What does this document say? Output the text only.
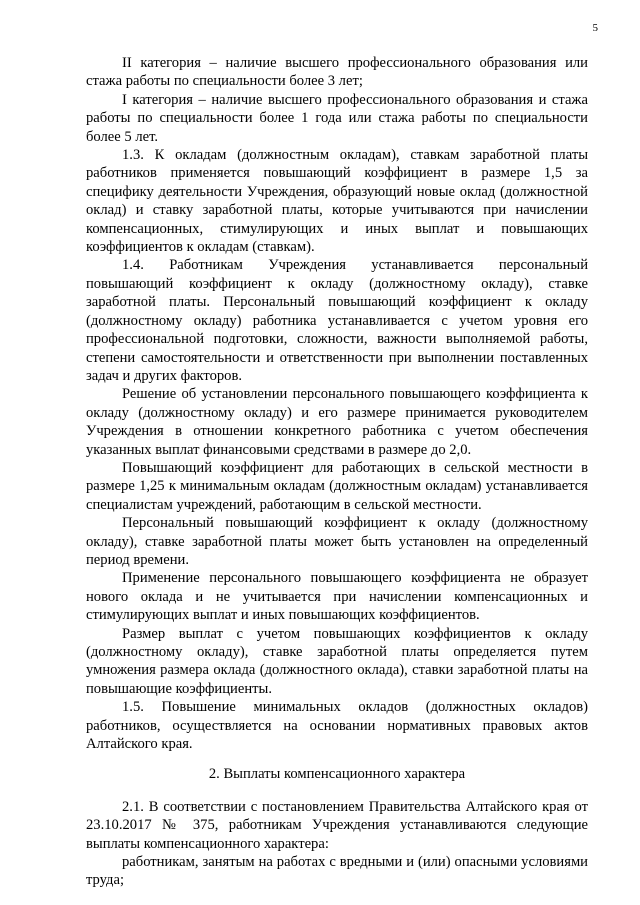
5

II категория – наличие высшего профессионального образования или стажа работы по специальности более 3 лет;

I категория – наличие высшего профессионального образования и стажа работы по специальности более 1 года или стажа работы по специальности более 5 лет.

1.3. К окладам (должностным окладам), ставкам заработной платы работников применяется повышающий коэффициент в размере 1,5 за специфику деятельности Учреждения, образующий новые оклад (должностной оклад) и ставку заработной платы, которые учитываются при начислении компенсационных, стимулирующих и иных выплат и повышающих коэффициентов к окладам (ставкам).

1.4. Работникам Учреждения устанавливается персональный повышающий коэффициент к окладу (должностному окладу), ставке заработной платы. Персональный повышающий коэффициент к окладу (должностному окладу) работника устанавливается с учетом уровня его профессиональной подготовки, сложности, важности выполняемой работы, степени самостоятельности и ответственности при выполнении поставленных задач и других факторов.

Решение об установлении персонального повышающего коэффициента к окладу (должностному окладу) и его размере принимается руководителем Учреждения в отношении конкретного работника с учетом обеспечения указанных выплат финансовыми средствами в размере до 2,0.

Повышающий коэффициент для работающих в сельской местности в размере 1,25 к минимальным окладам (должностным окладам) устанавливается специалистам учреждений, работающим в сельской местности.

Персональный повышающий коэффициент к окладу (должностному окладу), ставке заработной платы может быть установлен на определенный период времени.

Применение персонального повышающего коэффициента не образует нового оклада и не учитывается при начислении компенсационных и стимулирующих выплат и иных повышающих коэффициентов.

Размер выплат с учетом повышающих коэффициентов к окладу (должностному окладу), ставке заработной платы определяется путем умножения размера оклада (должностного оклада), ставки заработной платы на повышающие коэффициенты.

1.5. Повышение минимальных окладов (должностных окладов) работников, осуществляется на основании нормативных правовых актов Алтайского края.

2. Выплаты компенсационного характера

2.1. В соответствии с постановлением Правительства Алтайского края от 23.10.2017 № 375, работникам Учреждения устанавливаются следующие выплаты компенсационного характера:

работникам, занятым на работах с вредными и (или) опасными условиями труда;
